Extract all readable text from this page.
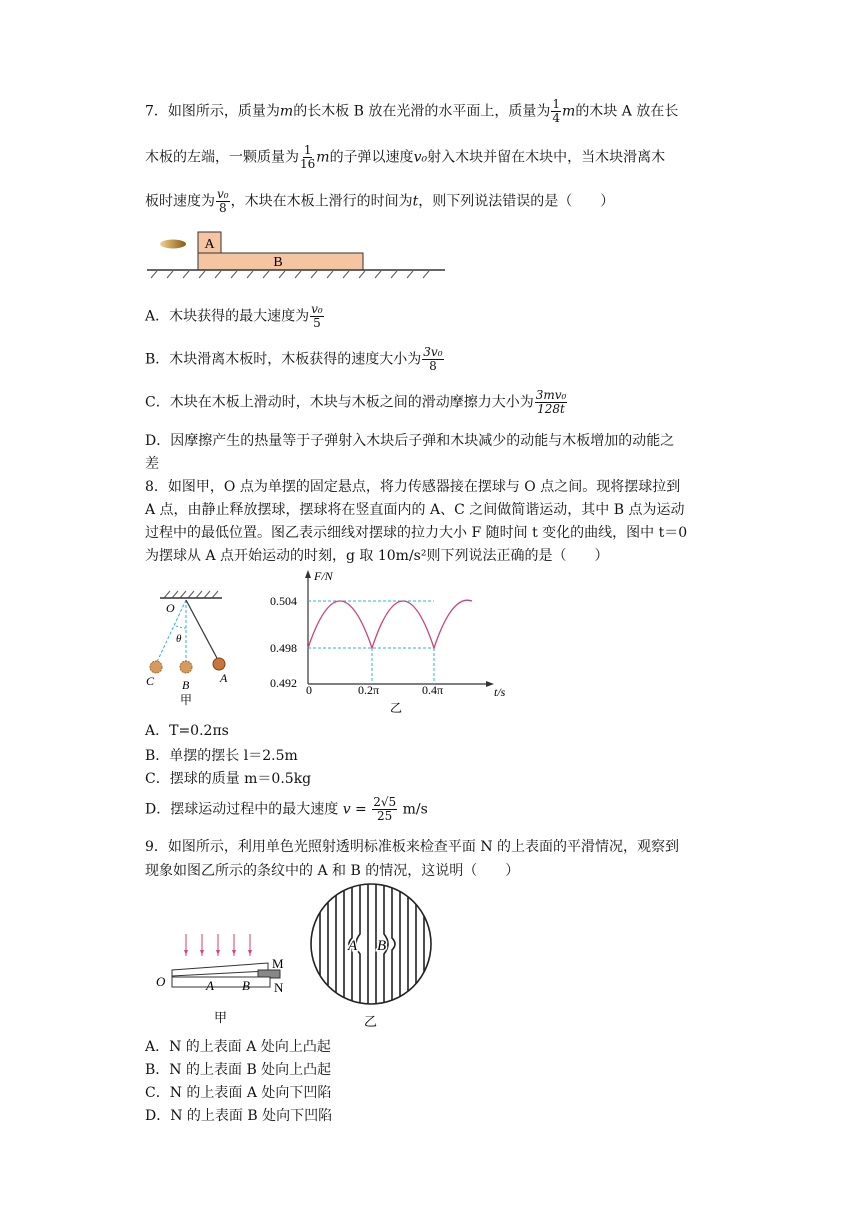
7．如图所示，质量为m的长木板 B 放在光滑的水平面上，质量为 $\frac{1}{4}$ m的木块 A 放在长
木板的左端，一颗质量为 $\frac{1}{16}$ m的子弹以速度v₀射入木块并留在木块中，当木块滑离木
板时速度为 $\frac{\text{v₀}}{8}$ ，木块在木板上滑行的时间为t，则下列说法错误的是（　　）
A
B
A．木块获得的最大速度为 $\frac{\text{v₀}}{5}$
B．木块滑离木板时，木板获得的速度大小为 $\frac{\text{3v₀}}{8}$
C．木块在木板上滑动时，木块与木板之间的滑动摩擦力大小为 $\frac{\text{3mv₀}}{128t}$
D．因摩擦产生的热量等于子弹射入木块后子弹和木块减少的动能与木板增加的动能之
差
8．如图甲，O 点为单摆的固定悬点，将力传感器接在摆球与 O 点之间。现将摆球拉到
A 点，由静止释放摆球，摆球将在竖直面内的 A、C 之间做简谐运动，其中 B 点为运动
过程中的最低位置。图乙表示细线对摆球的拉力大小 F 随时间 t 变化的曲线，图中 t＝0
为摆球从 A 点开始运动的时刻，g 取 10m/s²则下列说法正确的是（　　）
O
θ
C B	A
甲
F/N
t/s
0.504
0.498
0.492 0	0.2π	0.4π
乙
A．T=0.2πs
B．单摆的摆长 l＝2.5m
C．摆球的质量 m＝0.5kg
D．摆球运动过程中的最大速度 $v = \frac{2√5}{25} m/s$
9．如图所示，利用单色光照射透明标准板来检查平面 N 的上表面的平滑情况，观察到
现象如图乙所示的条纹中的 A 和 B 的情况，这说明（　　）
O	A B
M
N
甲
A B
乙
A．N 的上表面 A 处向上凸起
B．N 的上表面 B 处向上凸起
C．N 的上表面 A 处向下凹陷
D．N 的上表面 B 处向下凹陷
